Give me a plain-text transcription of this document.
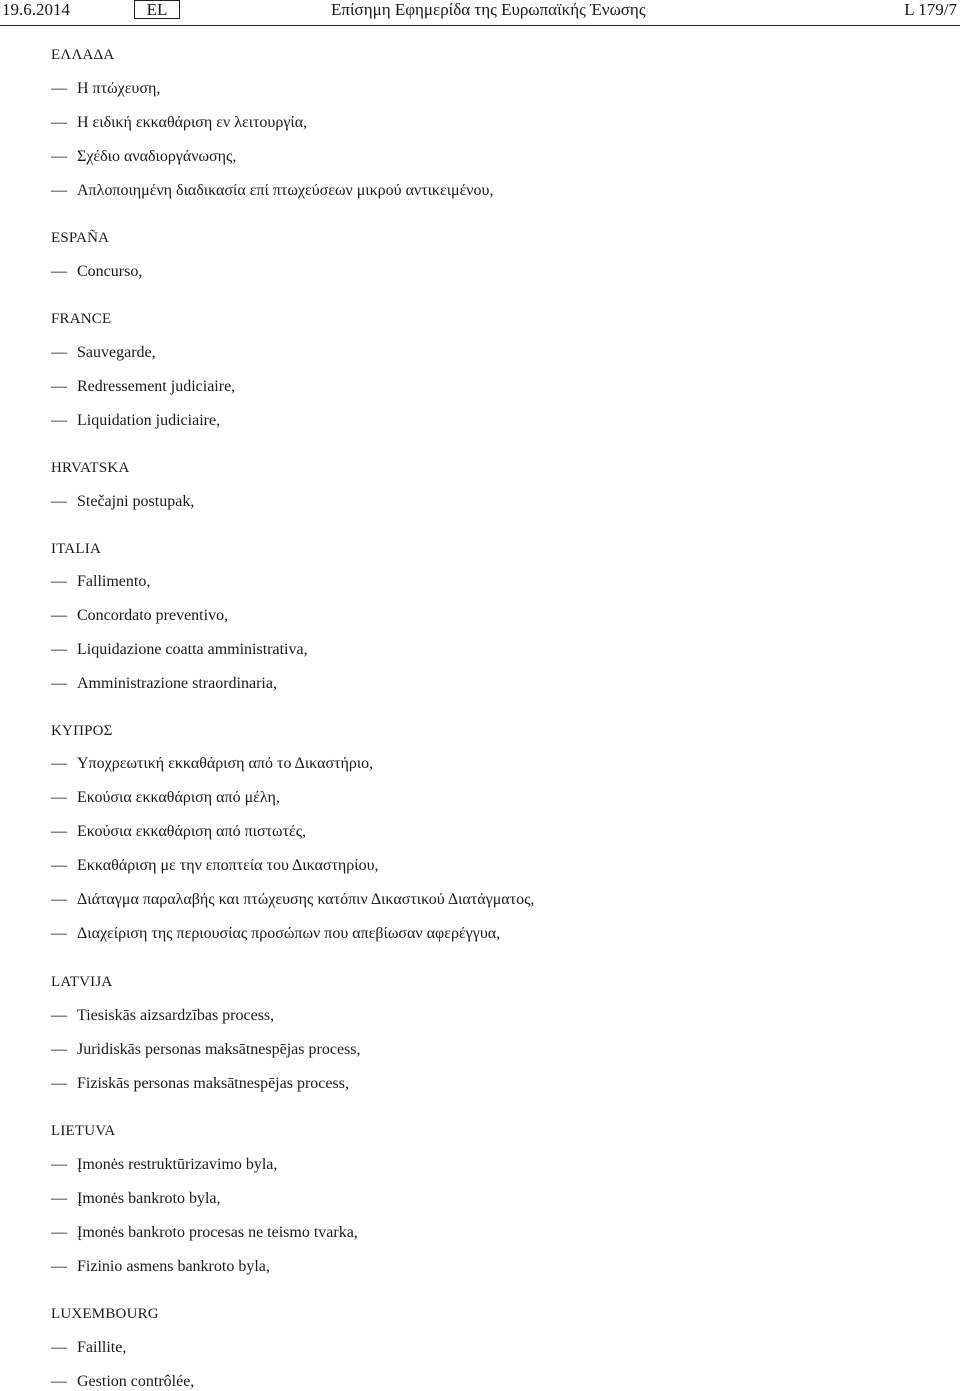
19.6.2014	EL	Επίσημη Εφημερίδα της Ευρωπαϊκής Ένωσης	L 179/7
ΕΛΛΑΔΑ
— Η πτώχευση,
— Η ειδική εκκαθάριση εν λειτουργία,
— Σχέδιο αναδιοργάνωσης,
— Απλοποιημένη διαδικασία επί πτωχεύσεων μικρού αντικειμένου,
ESPAÑA
— Concurso,
FRANCE
— Sauvegarde,
— Redressement judiciaire,
— Liquidation judiciaire,
HRVATSKA
— Stečajni postupak,
ITALIA
— Fallimento,
— Concordato preventivo,
— Liquidazione coatta amministrativa,
— Amministrazione straordinaria,
ΚΥΠΡΟΣ
— Υποχρεωτική εκκαθάριση από το Δικαστήριο,
— Εκούσια εκκαθάριση από μέλη,
— Εκούσια εκκαθάριση από πιστωτές,
— Εκκαθάριση με την εποπτεία του Δικαστηρίου,
— Διάταγμα παραλαβής και πτώχευσης κατόπιν Δικαστικού Διατάγματος,
— Διαχείριση της περιουσίας προσώπων που απεβίωσαν αφερέγγυα,
LATVIJA
— Tiesiskās aizsardzības process,
— Juridiskās personas maksātnespējas process,
— Fiziskās personas maksātnespējas process,
LIETUVA
— Įmonės restruktūrizavimo byla,
— Įmonės bankroto byla,
— Įmonės bankroto procesas ne teismo tvarka,
— Fizinio asmens bankroto byla,
LUXEMBOURG
— Faillite,
— Gestion contrôlée,
